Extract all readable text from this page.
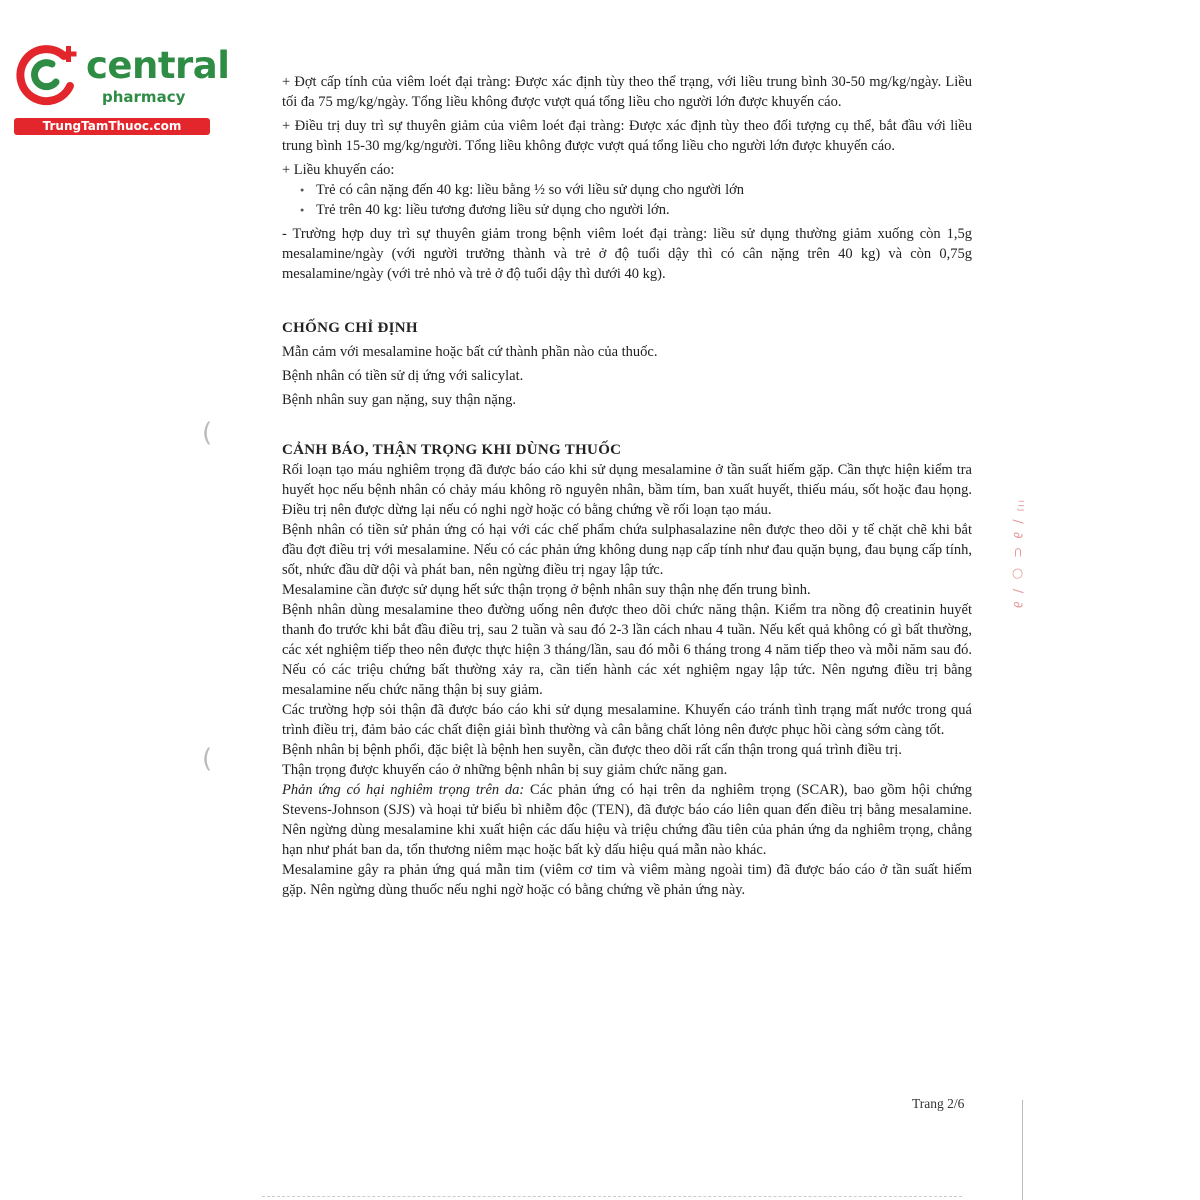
central
pharmacy
TrungTamThuoc.com
(
(
ᴵᴵᴶ ∕ ∂ ⊂ ○ ∕ ∂

+ Đợt cấp tính của viêm loét đại tràng: Được xác định tùy theo thể trạng, với liều trung bình 30-50 mg/kg/ngày. Liều tối đa 75 mg/kg/ngày. Tổng liều không được vượt quá tổng liều cho người lớn được khuyến cáo.

+ Điều trị duy trì sự thuyên giảm của viêm loét đại tràng: Được xác định tùy theo đối tượng cụ thể, bắt đầu với liều trung bình 15-30 mg/kg/người. Tổng liều không được vượt quá tổng liều cho người lớn được khuyến cáo.

+ Liều khuyến cáo:

● Trẻ có cân nặng đến 40 kg: liều bằng ½ so với liều sử dụng cho người lớn

● Trẻ trên 40 kg: liều tương đương liều sử dụng cho người lớn.

- Trường hợp duy trì sự thuyên giảm trong bệnh viêm loét đại tràng: liều sử dụng thường giảm xuống còn 1,5g mesalamine/ngày (với người trưởng thành và trẻ ở độ tuổi dậy thì có cân nặng trên 40 kg) và còn 0,75g mesalamine/ngày (với trẻ nhỏ và trẻ ở độ tuổi dậy thì dưới 40 kg).

CHỐNG CHỈ ĐỊNH

Mẫn cảm với mesalamine hoặc bất cứ thành phần nào của thuốc.

Bệnh nhân có tiền sử dị ứng với salicylat.

Bệnh nhân suy gan nặng, suy thận nặng.

CẢNH BÁO, THẬN TRỌNG KHI DÙNG THUỐC

Rối loạn tạo máu nghiêm trọng đã được báo cáo khi sử dụng mesalamine ở tần suất hiếm gặp. Cần thực hiện kiểm tra huyết học nếu bệnh nhân có chảy máu không rõ nguyên nhân, bầm tím, ban xuất huyết, thiếu máu, sốt hoặc đau họng. Điều trị nên được dừng lại nếu có nghi ngờ hoặc có bằng chứng về rối loạn tạo máu.

Bệnh nhân có tiền sử phản ứng có hại với các chế phẩm chứa sulphasalazine nên được theo dõi y tế chặt chẽ khi bắt đầu đợt điều trị với mesalamine. Nếu có các phản ứng không dung nạp cấp tính như đau quặn bụng, đau bụng cấp tính, sốt, nhức đầu dữ dội và phát ban, nên ngừng điều trị ngay lập tức.

Mesalamine cần được sử dụng hết sức thận trọng ở bệnh nhân suy thận nhẹ đến trung bình.

Bệnh nhân dùng mesalamine theo đường uống nên được theo dõi chức năng thận. Kiểm tra nồng độ creatinin huyết thanh đo trước khi bắt đầu điều trị, sau 2 tuần và sau đó 2-3 lần cách nhau 4 tuần. Nếu kết quả không có gì bất thường, các xét nghiệm tiếp theo nên được thực hiện 3 tháng/lần, sau đó mỗi 6 tháng trong 4 năm tiếp theo và mỗi năm sau đó. Nếu có các triệu chứng bất thường xảy ra, cần tiến hành các xét nghiệm ngay lập tức. Nên ngưng điều trị bằng mesalamine nếu chức năng thận bị suy giảm.

Các trường hợp sỏi thận đã được báo cáo khi sử dụng mesalamine. Khuyến cáo tránh tình trạng mất nước trong quá trình điều trị, đảm bảo các chất điện giải bình thường và cân bằng chất lỏng nên được phục hồi càng sớm càng tốt.

Bệnh nhân bị bệnh phổi, đặc biệt là bệnh hen suyễn, cần được theo dõi rất cẩn thận trong quá trình điều trị.

Thận trọng được khuyến cáo ở những bệnh nhân bị suy giảm chức năng gan.

Phản ứng có hại nghiêm trọng trên da: Các phản ứng có hại trên da nghiêm trọng (SCAR), bao gồm hội chứng Stevens-Johnson (SJS) và hoại tử biểu bì nhiễm độc (TEN), đã được báo cáo liên quan đến điều trị bằng mesalamine. Nên ngừng dùng mesalamine khi xuất hiện các dấu hiệu và triệu chứng đầu tiên của phản ứng da nghiêm trọng, chẳng hạn như phát ban da, tổn thương niêm mạc hoặc bất kỳ dấu hiệu quá mẫn nào khác.

Mesalamine gây ra phản ứng quá mẫn tim (viêm cơ tim và viêm màng ngoài tim) đã được báo cáo ở tần suất hiếm gặp. Nên ngừng dùng thuốc nếu nghi ngờ hoặc có bằng chứng về phản ứng này.

Trang 2/6
